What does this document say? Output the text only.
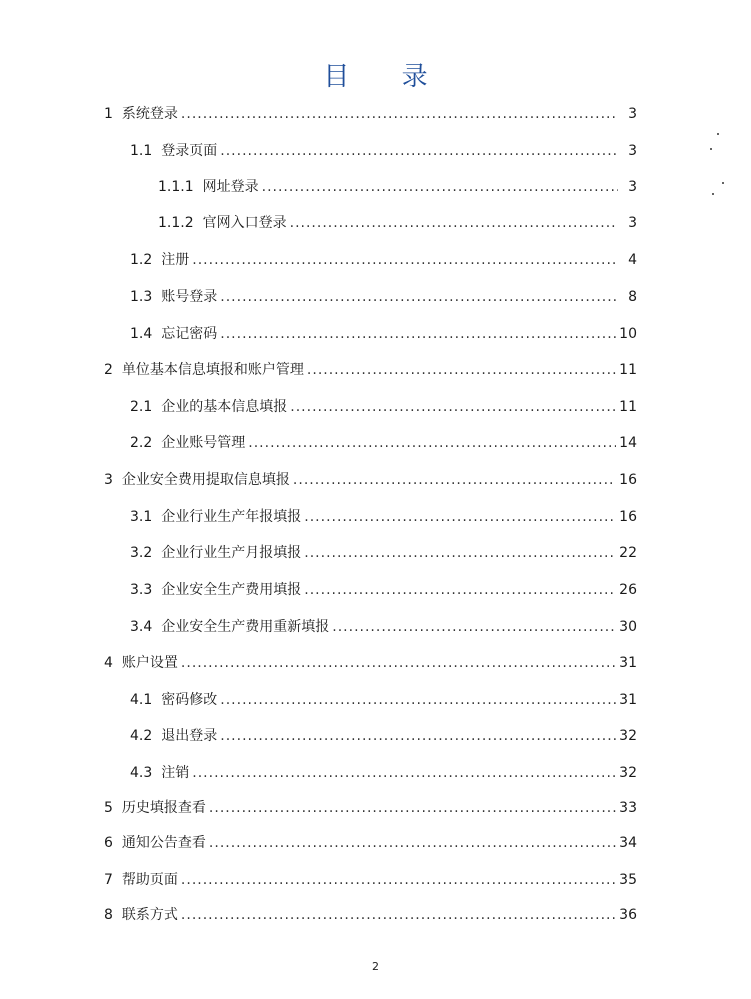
目 录
1 系统登录 .....	3
1.1 登录页面 .....	3
1.1.1 网址登录 .....	3
1.1.2 官网入口登录 .....	3
1.2 注册 .....	4
1.3 账号登录 .....	8
1.4 忘记密码 .....	10
2 单位基本信息填报和账户管理 .....	11
2.1 企业的基本信息填报 .....	11
2.2 企业账号管理 .....	14
3 企业安全费用提取信息填报 .....	16
3.1 企业行业生产年报填报 .....	16
3.2 企业行业生产月报填报 .....	22
3.3 企业安全生产费用填报 .....	26
3.4 企业安全生产费用重新填报 .....	30
4 账户设置 .....	31
4.1 密码修改 .....	31
4.2 退出登录 .....	32
4.3 注销 .....	32
5 历史填报查看 .....	33
6 通知公告查看 .....	34
7 帮助页面 .....	35
8 联系方式 .....	36
2
